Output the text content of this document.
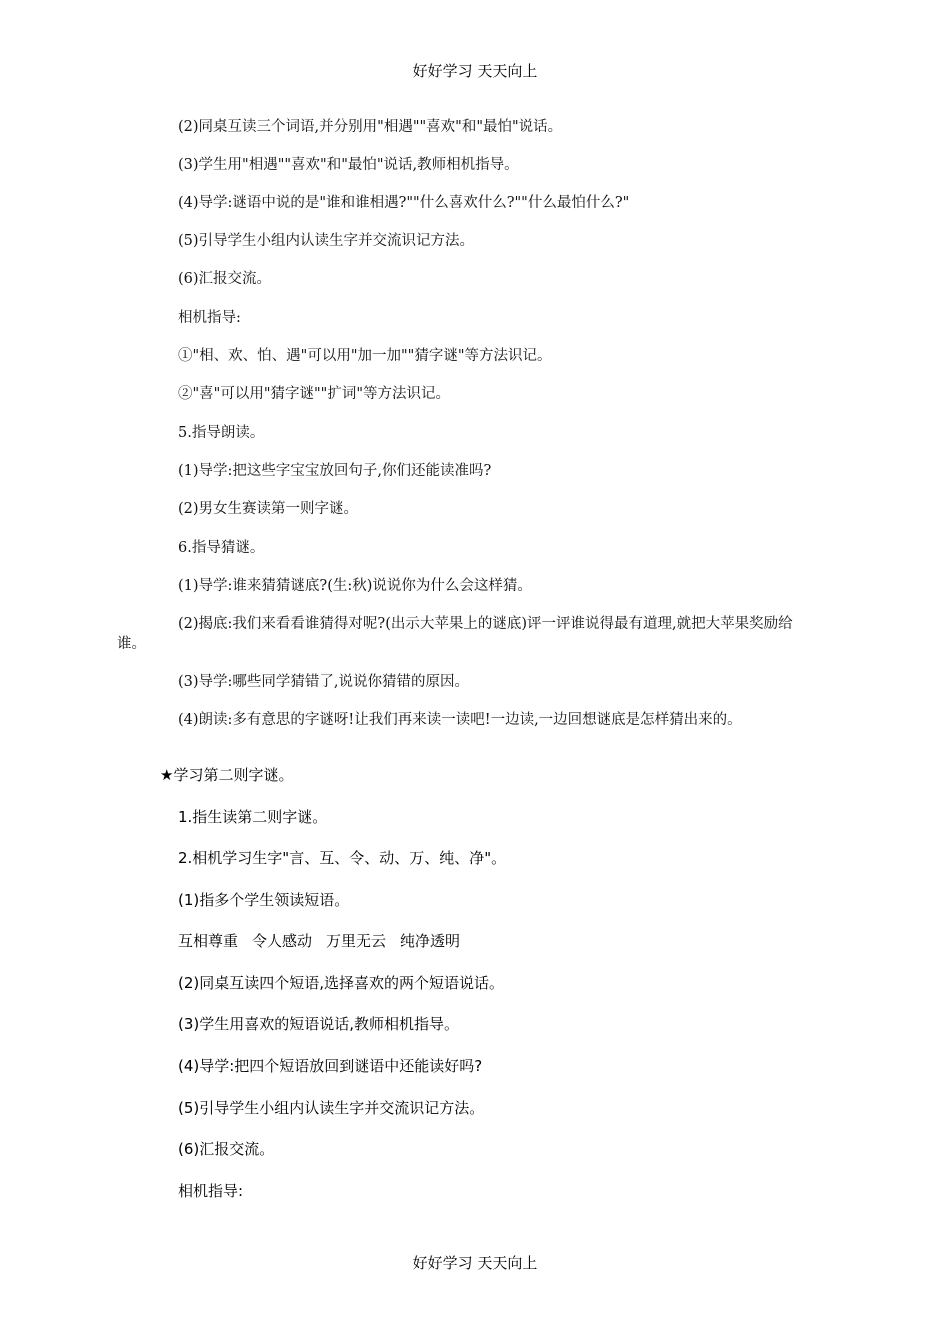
好好学习 天天向上
(2)同桌互读三个词语,并分别用"相遇""喜欢"和"最怕"说话。
(3)学生用"相遇""喜欢"和"最怕"说话,教师相机指导。
(4)导学:谜语中说的是"谁和谁相遇?""什么喜欢什么?""什么最怕什么?"
(5)引导学生小组内认读生字并交流识记方法。
(6)汇报交流。
相机指导:
①"相、欢、怕、遇"可以用"加一加""猜字谜"等方法识记。
②"喜"可以用"猜字谜""扩词"等方法识记。
5.指导朗读。
(1)导学:把这些字宝宝放回句子,你们还能读准吗?
(2)男女生赛读第一则字谜。
6.指导猜谜。
(1)导学:谁来猜猜谜底?(生:秋)说说你为什么会这样猜。
(2)揭底:我们来看看谁猜得对呢?(出示大苹果上的谜底)评一评谁说得最有道理,就把大苹果奖励给谁。
(3)导学:哪些同学猜错了,说说你猜错的原因。
(4)朗读:多有意思的字谜呀!让我们再来读一读吧!一边读,一边回想谜底是怎样猜出来的。
★学习第二则字谜。
1.指生读第二则字谜。
2.相机学习生字"言、互、令、动、万、纯、净"。
(1)指多个学生领读短语。
互相尊重 令人感动 万里无云 纯净透明
(2)同桌互读四个短语,选择喜欢的两个短语说话。
(3)学生用喜欢的短语说话,教师相机指导。
(4)导学:把四个短语放回到谜语中还能读好吗?
(5)引导学生小组内认读生字并交流识记方法。
(6)汇报交流。
相机指导:
好好学习 天天向上
